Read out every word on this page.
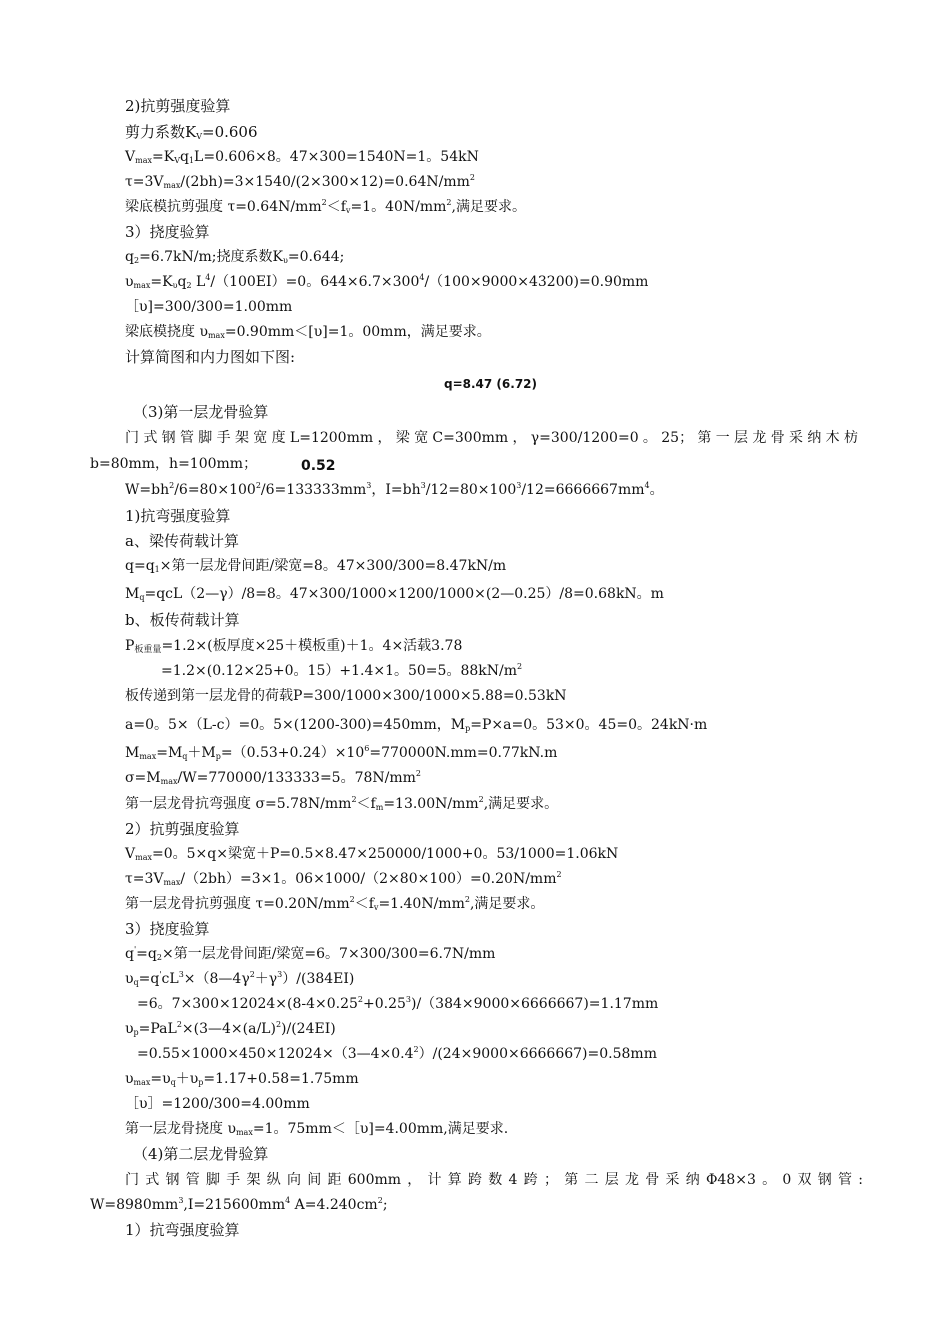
2)抗剪强度验算
剪力系数$K_V=0.606$
$V_{max}=K_Vq_1L=0.606\times 8$。47×300=1540N=1。54kN
$\tau=3V_{max}/(2bh)=3\times 1540/(2\times 300\times 12)=0.64N/mm^2$
梁底模抗剪强度 $\tau=0.64N/mm^2<f_v=1$。$40N/mm^2$,满足要求。
3）挠度验算
$q_2=6.7kN/m$;挠度系数$K_\upsilon=0.644$;
$\upsilon_{max}=K_\upsilon q_2$ $L^4/(100EI)=0$。$644\times 6.7\times 300^4/(100\times 9000\times 43200)=0.90mm$
［υ]=300/300=1.00mm
梁底模挠度 $\upsilon_{max}=0.90mm<[\upsilon]=1$。00mm，满足要求。
计算简图和内力图如下图:
q=8.47 (6.72)
（3)第一层龙骨验算
门式钢管脚手架宽度L=1200mm，梁宽C=300mm，γ=300/1200=0。25；第一层龙骨采纳木枋
b=80mm，h=100mm；	0.52
$W=bh^2/6=80\times 100^2/6=133333mm^3$，$I=bh^3/12=80\times 100^3/12=6666667mm^4$。
1)抗弯强度验算
a、梁传荷载计算
$q=q_1\times$第一层龙骨间距/梁宽=8。47×300/300=8.47kN/m
$M_q=qcL(2—\gamma)/8=8$。47×300/1000×1200/1000×(2—0.25）/8=0.68kN。m
b、板传荷载计算
$P_{板重量}=1.2\times$(板厚度×25＋模板重)＋1。4×活载3.78
=1.2×(0.12×25+0。15）+1.4×1。50=5。$88kN/m^2$
板传递到第一层龙骨的荷载P=300/1000×300/1000×5.88=0.53kN
a=0。5×（L-c）=0。5×(1200-300)=450mm，$M_p=P\times a=0$。53×0。45=0。24kN·m
$M_{max}=M_q+M_p=(0.53+0.24)\times 10^6=770000N.mm=0.77kN.m$
$\sigma=M_{max}/W=770000/133333=5$。$78N/mm^2$
第一层龙骨抗弯强度 $\sigma=5.78N/mm^2<f_m=13.00N/mm^2$,满足要求。
2）抗剪强度验算
$V_{max}=0$。5×q×梁宽＋P=0.5×8.47×250000/1000+0。53/1000=1.06kN
$\tau=3V_{max}/(2bh)=3\times 1$。$06\times 1000/(2\times 80\times 100)=0.20N/mm^2$
第一层龙骨抗剪强度 $\tau=0.20N/mm^2<f_v=1.40N/mm^2$,满足要求。
3）挠度验算
$q'=q_2\times$第一层龙骨间距/梁宽=6。7×300/300=6.7N/mm
$\upsilon_q=q'cL^3\times(8—4\gamma^2+\gamma^3)/(384EI)$
=6。$7\times 300\times 12024\times(8-4\times 0.25^2+0.25^3)/(384\times 9000\times 6666667)=1.17mm$
$\upsilon_p=PaL^2\times(3—4\times(a/L)^2)/(24EI)$
$=0.55\times 1000\times 450\times 12024\times(3—4\times 0.4^2)/(24\times 9000\times 6666667)=0.58mm$
$\upsilon_{max}=\upsilon_q+\upsilon_p=1.17+0.58=1.75mm$
［υ］=1200/300=4.00mm
第一层龙骨挠度 $\upsilon_{max}=1$。75mm＜［υ]=4.00mm,满足要求.
（4)第二层龙骨验算
门式钢管脚手架纵向间距600mm，计算跨数4跨；第二层龙骨采纳Φ48×3。0双钢管:
$W=8980mm^3,I=215600mm^4$ $A=4.240cm^2$;
1）抗弯强度验算
